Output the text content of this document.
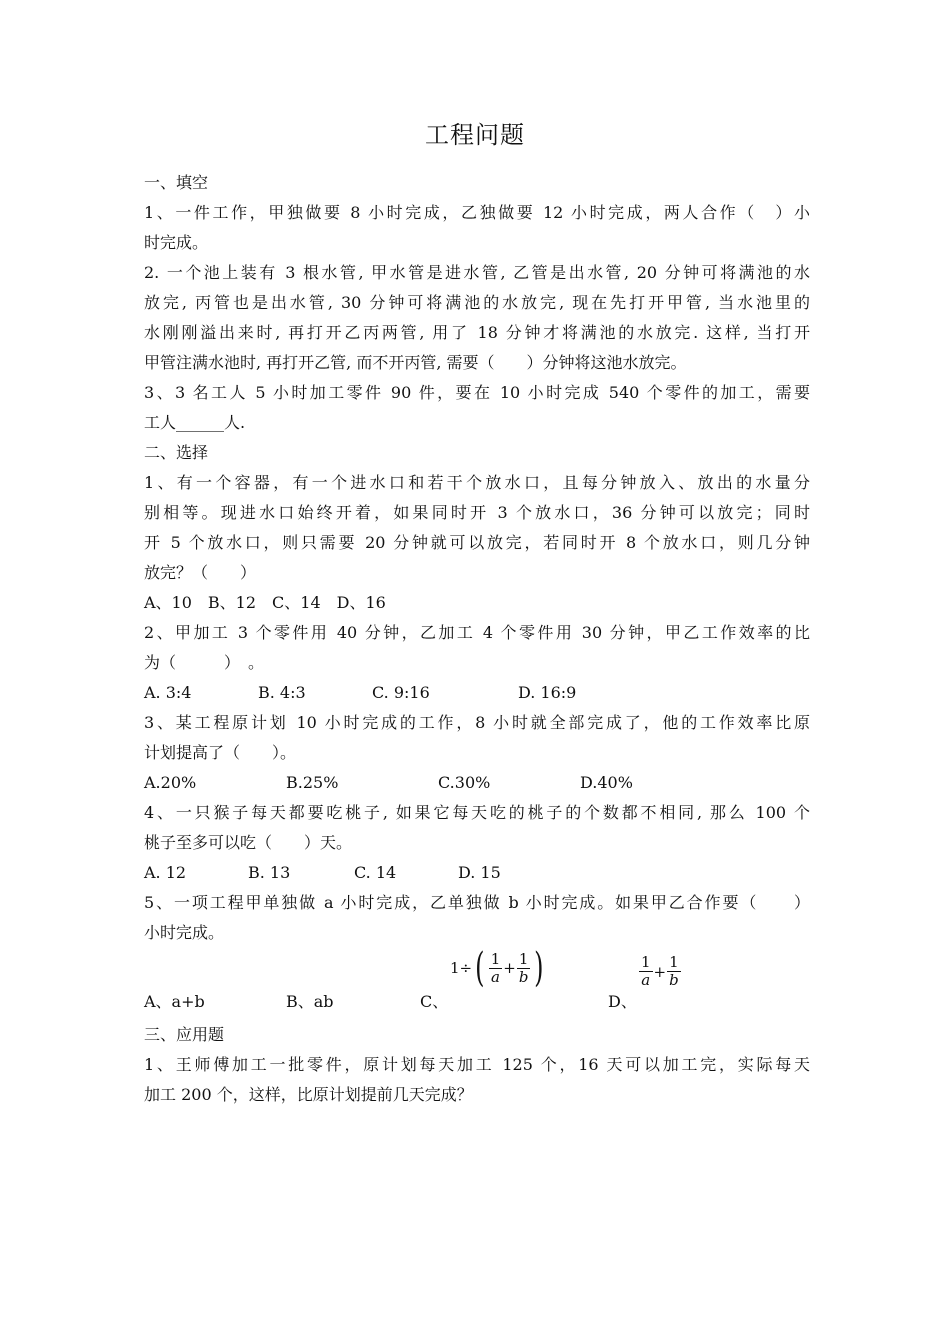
工程问题
一、填空
1、一件工作，甲独做要 8 小时完成，乙独做要 12 小时完成，两人合作（　）小
时完成。
2. 一个池上装有 3 根水管, 甲水管是进水管, 乙管是出水管, 20 分钟可将满池的水
放完, 丙管也是出水管, 30 分钟可将满池的水放完, 现在先打开甲管, 当水池里的
水刚刚溢出来时, 再打开乙丙两管, 用了 18 分钟才将满池的水放完. 这样, 当打开
甲管注满水池时, 再打开乙管, 而不开丙管, 需要（　　）分钟将这池水放完。
3、3 名工人 5 小时加工零件 90 件，要在 10 小时完成 540 个零件的加工，需要
工人______人.
二、选择
1、有一个容器，有一个进水口和若干个放水口，且每分钟放入、放出的水量分
别相等。现进水口始终开着，如果同时开 3 个放水口，36 分钟可以放完；同时
开 5 个放水口，则只需要 20 分钟就可以放完，若同时开 8 个放水口，则几分钟
放完？（　　）
A、10　B、12　C、14　D、16
2、甲加工 3 个零件用 40 分钟，乙加工 4 个零件用 30 分钟，甲乙工作效率的比
为（　　　）　。
A. 3:4	B. 4:3	C. 9:16	D. 16:9
3、某工程原计划 10 小时完成的工作，8 小时就全部完成了，他的工作效率比原
计划提高了（　　）。
A.20%	B.25%	C.30%	D.40%
4、一只猴子每天都要吃桃子, 如果它每天吃的桃子的个数都不相同, 那么 100 个
桃子至多可以吃（　　）天。
A. 12	B. 13	C. 14	D. 15
5、一项工程甲单独做 a 小时完成，乙单独做 b 小时完成。如果甲乙合作要（　　）
小时完成。
A、a+b	B、ab	C、
$1\div( \frac{1}{a} + \frac{1}{b}$ )
D、
$\frac{1}{a} + \frac{1}{b}$
三、应用题
1、王师傅加工一批零件，原计划每天加工 125 个，16 天可以加工完，实际每天
加工 200 个，这样，比原计划提前几天完成？
